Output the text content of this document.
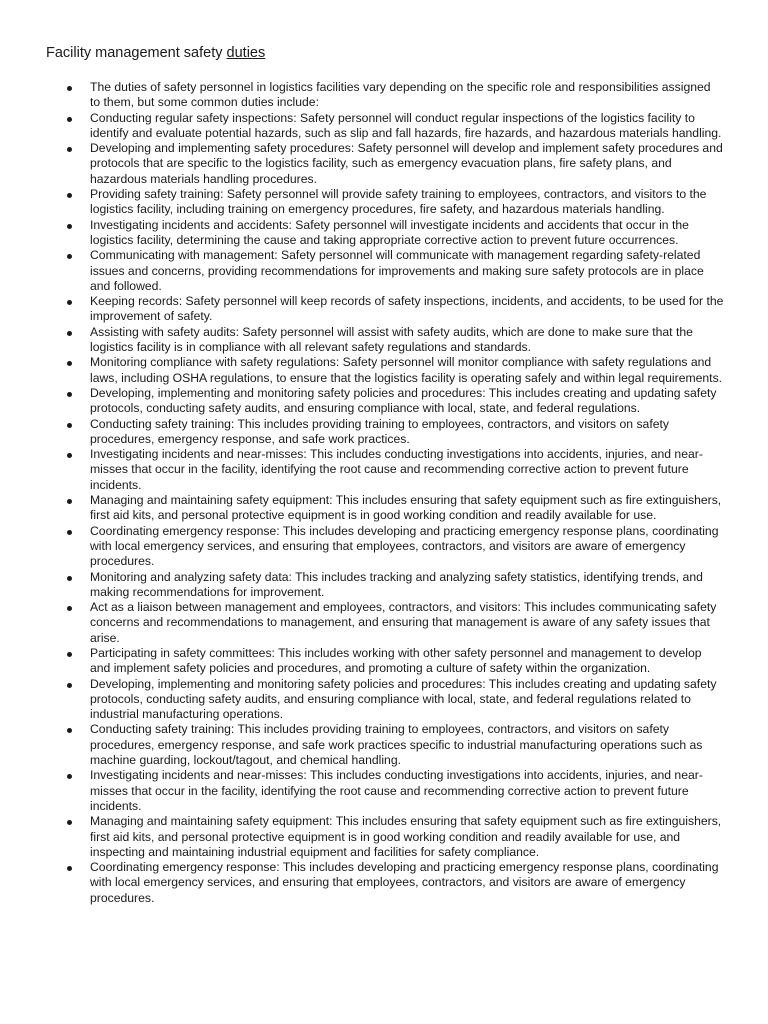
Facility management safety duties
The duties of safety personnel in logistics facilities vary depending on the specific role and responsibilities assigned to them, but some common duties include:
Conducting regular safety inspections: Safety personnel will conduct regular inspections of the logistics facility to identify and evaluate potential hazards, such as slip and fall hazards, fire hazards, and hazardous materials handling.
Developing and implementing safety procedures: Safety personnel will develop and implement safety procedures and protocols that are specific to the logistics facility, such as emergency evacuation plans, fire safety plans, and hazardous materials handling procedures.
Providing safety training: Safety personnel will provide safety training to employees, contractors, and visitors to the logistics facility, including training on emergency procedures, fire safety, and hazardous materials handling.
Investigating incidents and accidents: Safety personnel will investigate incidents and accidents that occur in the logistics facility, determining the cause and taking appropriate corrective action to prevent future occurrences.
Communicating with management: Safety personnel will communicate with management regarding safety-related issues and concerns, providing recommendations for improvements and making sure safety protocols are in place and followed.
Keeping records: Safety personnel will keep records of safety inspections, incidents, and accidents, to be used for the improvement of safety.
Assisting with safety audits: Safety personnel will assist with safety audits, which are done to make sure that the logistics facility is in compliance with all relevant safety regulations and standards.
Monitoring compliance with safety regulations: Safety personnel will monitor compliance with safety regulations and laws, including OSHA regulations, to ensure that the logistics facility is operating safely and within legal requirements.
Developing, implementing and monitoring safety policies and procedures: This includes creating and updating safety protocols, conducting safety audits, and ensuring compliance with local, state, and federal regulations.
Conducting safety training: This includes providing training to employees, contractors, and visitors on safety procedures, emergency response, and safe work practices.
Investigating incidents and near-misses: This includes conducting investigations into accidents, injuries, and near-misses that occur in the facility, identifying the root cause and recommending corrective action to prevent future incidents.
Managing and maintaining safety equipment: This includes ensuring that safety equipment such as fire extinguishers, first aid kits, and personal protective equipment is in good working condition and readily available for use.
Coordinating emergency response: This includes developing and practicing emergency response plans, coordinating with local emergency services, and ensuring that employees, contractors, and visitors are aware of emergency procedures.
Monitoring and analyzing safety data: This includes tracking and analyzing safety statistics, identifying trends, and making recommendations for improvement.
Act as a liaison between management and employees, contractors, and visitors: This includes communicating safety concerns and recommendations to management, and ensuring that management is aware of any safety issues that arise.
Participating in safety committees: This includes working with other safety personnel and management to develop and implement safety policies and procedures, and promoting a culture of safety within the organization.
Developing, implementing and monitoring safety policies and procedures: This includes creating and updating safety protocols, conducting safety audits, and ensuring compliance with local, state, and federal regulations related to industrial manufacturing operations.
Conducting safety training: This includes providing training to employees, contractors, and visitors on safety procedures, emergency response, and safe work practices specific to industrial manufacturing operations such as machine guarding, lockout/tagout, and chemical handling.
Investigating incidents and near-misses: This includes conducting investigations into accidents, injuries, and near-misses that occur in the facility, identifying the root cause and recommending corrective action to prevent future incidents.
Managing and maintaining safety equipment: This includes ensuring that safety equipment such as fire extinguishers, first aid kits, and personal protective equipment is in good working condition and readily available for use, and inspecting and maintaining industrial equipment and facilities for safety compliance.
Coordinating emergency response: This includes developing and practicing emergency response plans, coordinating with local emergency services, and ensuring that employees, contractors, and visitors are aware of emergency procedures.
